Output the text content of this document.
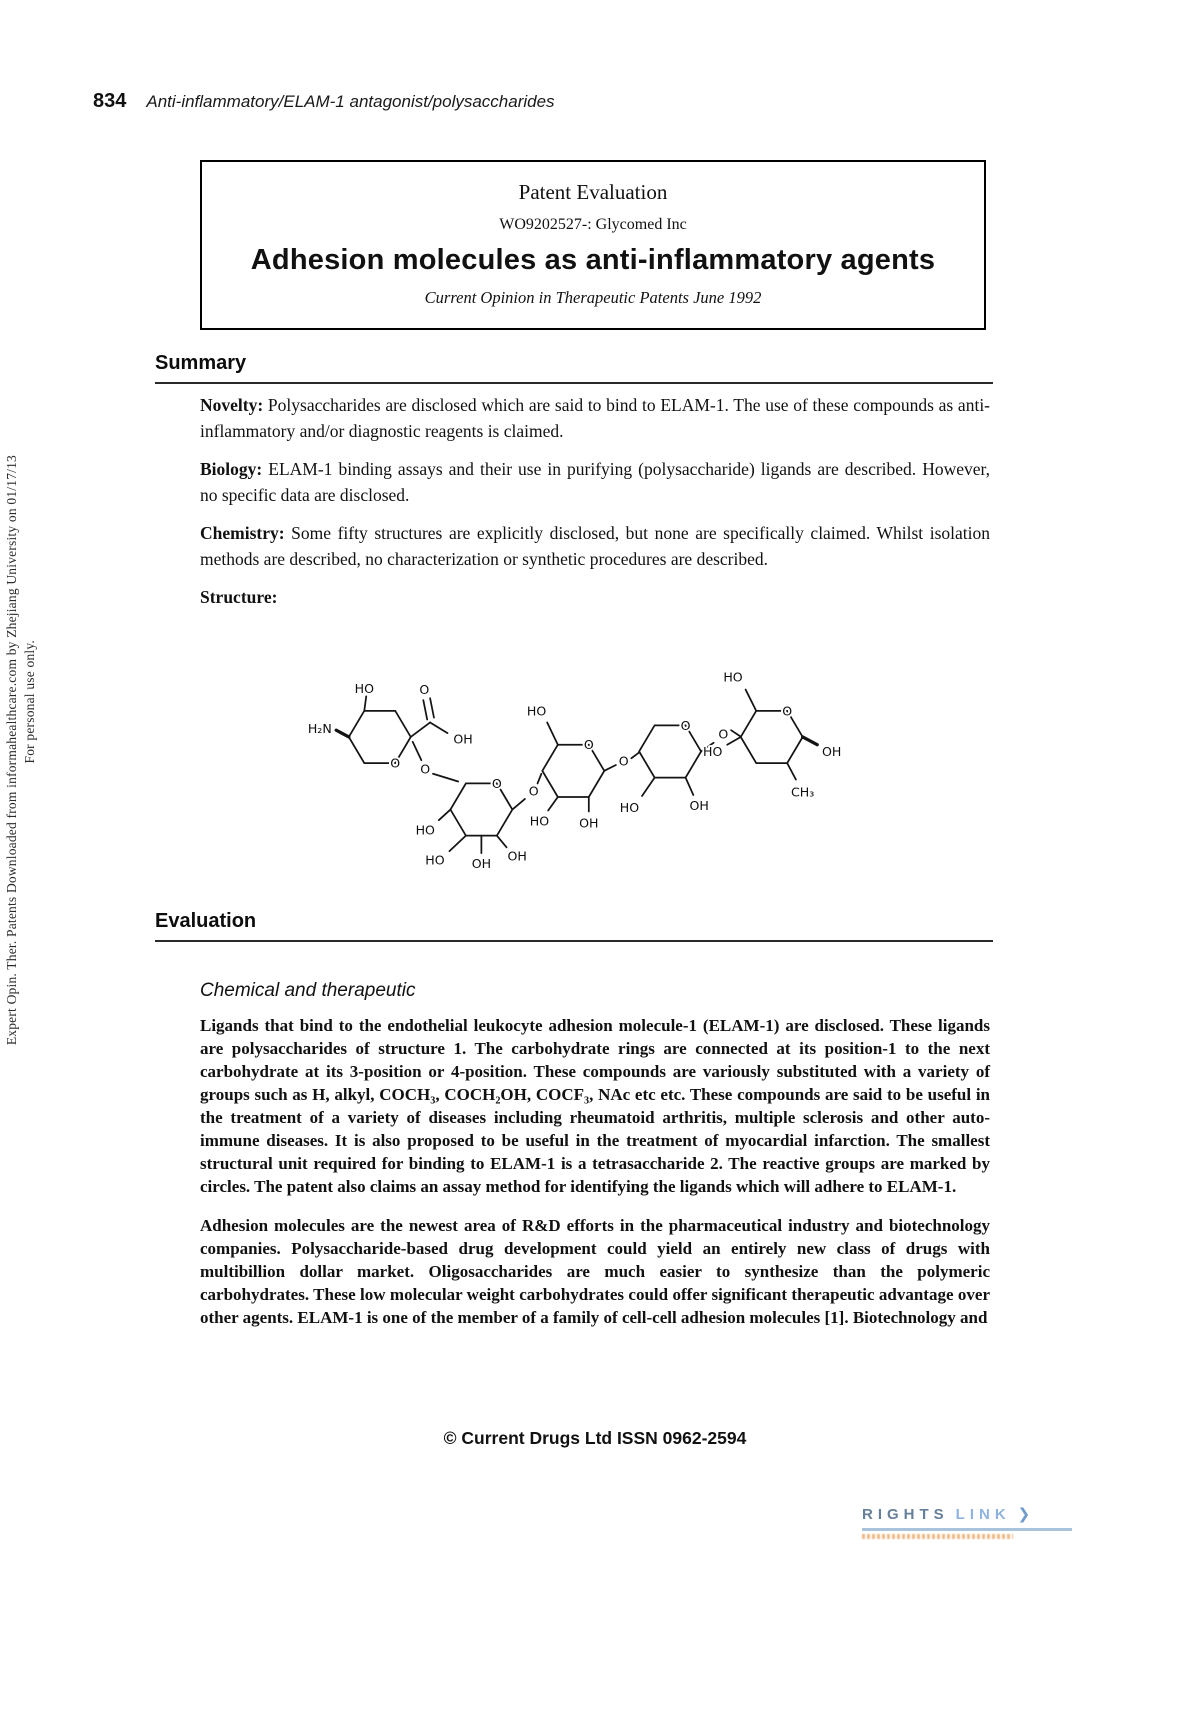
834 Anti-inflammatory/ELAM-1 antagonist/polysaccharides
Patent Evaluation
WO9202527-: Glycomed Inc
Adhesion molecules as anti-inflammatory agents
Current Opinion in Therapeutic Patents June 1992
Summary

Novelty: Polysaccharides are disclosed which are said to bind to ELAM-1. The use of these compounds as anti-inflammatory and/or diagnostic reagents is claimed.

Biology: ELAM-1 binding assays and their use in purifying (polysaccharide) ligands are described. However, no specific data are disclosed.

Chemistry: Some fifty structures are explicitly disclosed, but none are specifically claimed. Whilst isolation methods are described, no characterization or synthetic procedures are described.

Structure:

HO
H₂N
O
OH
O
O
HO
HO OH
OH
O
O
HO
O
HO OH
O
HO
O
OH
O
HO
O
OH
HO
CH₃
Evaluation
Chemical and therapeutic

Ligands that bind to the endothelial leukocyte adhesion molecule-1 (ELAM-1) are disclosed. These ligands are polysaccharides of structure 1. The carbohydrate rings are connected at its position-1 to the next carbohydrate at its 3-position or 4-position. These compounds are variously substituted with a variety of groups such as H, alkyl, COCH₃, COCH₂OH, COCF₃, NAc etc etc. These compounds are said to be useful in the treatment of a variety of diseases including rheumatoid arthritis, multiple sclerosis and other auto-immune diseases. It is also proposed to be useful in the treatment of myocardial infarction. The smallest structural unit required for binding to ELAM-1 is a tetrasaccharide 2. The reactive groups are marked by circles. The patent also claims an assay method for identifying the ligands which will adhere to ELAM-1.

Adhesion molecules are the newest area of R&D efforts in the pharmaceutical industry and biotechnology companies. Polysaccharide-based drug development could yield an entirely new class of drugs with multibillion dollar market. Oligosaccharides are much easier to synthesize than the polymeric carbohydrates. These low molecular weight carbohydrates could offer significant therapeutic advantage over other agents. ELAM-1 is one of the member of a family of cell-cell adhesion molecules [1]. Biotechnology and

© Current Drugs Ltd ISSN 0962-2594
Expert Opin. Ther. Patents Downloaded from informahealthcare.com by Zhejiang University on 01/17/13 For personal use only.
RIGHTS LINK ❯
